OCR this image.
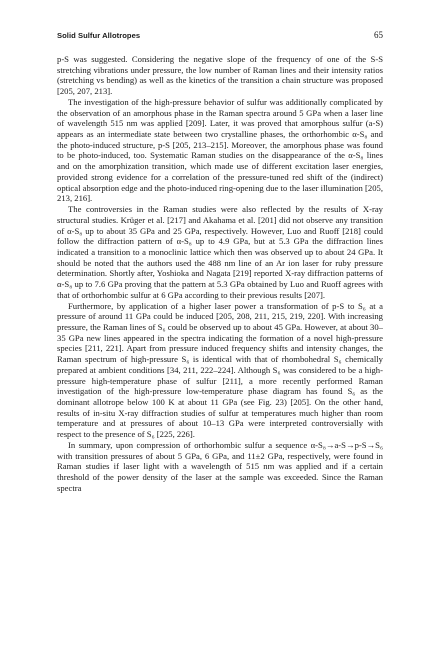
Solid Sulfur Allotropes	65

p-S was suggested. Considering the negative slope of the frequency of one of the S-S stretching vibrations under pressure, the low number of Raman lines and their intensity ratios (stretching vs bending) as well as the kinetics of the transition a chain structure was proposed [205, 207, 213].

The investigation of the high-pressure behavior of sulfur was additionally complicated by the observation of an amorphous phase in the Raman spectra around 5 GPa when a laser line of wavelength 515 nm was applied [209]. Later, it was proved that amorphous sulfur (a-S) appears as an intermediate state between two crystalline phases, the orthorhombic α-S₈ and the photo-induced structure, p-S [205, 213–215]. Moreover, the amorphous phase was found to be photo-induced, too. Systematic Raman studies on the disappearance of the α-S₈ lines and on the amorphization transition, which made use of different excitation laser energies, provided strong evidence for a correlation of the pressure-tuned red shift of the (indirect) optical absorption edge and the photo-induced ring-opening due to the laser illumination [205, 213, 216].

The controversies in the Raman studies were also reflected by the results of X-ray structural studies. Krüger et al. [217] and Akahama et al. [201] did not observe any transition of α-S₈ up to about 35 GPa and 25 GPa, respectively. However, Luo and Ruoff [218] could follow the diffraction pattern of α-S₈ up to 4.9 GPa, but at 5.3 GPa the diffraction lines indicated a transition to a monoclinic lattice which then was observed up to about 24 GPa. It should be noted that the authors used the 488 nm line of an Ar ion laser for ruby pressure determination. Shortly after, Yoshioka and Nagata [219] reported X-ray diffraction patterns of α-S₈ up to 7.6 GPa proving that the pattern at 5.3 GPa obtained by Luo and Ruoff agrees with that of orthorhombic sulfur at 6 GPa according to their previous results [207].

Furthermore, by application of a higher laser power a transformation of p-S to S₆ at a pressure of around 11 GPa could be induced [205, 208, 211, 215, 219, 220]. With increasing pressure, the Raman lines of S₆ could be observed up to about 45 GPa. However, at about 30–35 GPa new lines appeared in the spectra indicating the formation of a novel high-pressure species [211, 221]. Apart from pressure induced frequency shifts and intensity changes, the Raman spectrum of high-pressure S₆ is identical with that of rhombohedral S₆ chemically prepared at ambient conditions [34, 211, 222–224]. Although S₆ was considered to be a high-pressure high-temperature phase of sulfur [211], a more recently performed Raman investigation of the high-pressure low-temperature phase diagram has found S₆ as the dominant allotrope below 100 K at about 11 GPa (see Fig. 23) [205]. On the other hand, results of in-situ X-ray diffraction studies of sulfur at temperatures much higher than room temperature and at pressures of about 10–13 GPa were interpreted controversially with respect to the presence of S₆ [225, 226].

In summary, upon compression of orthorhombic sulfur a sequence α-S₈→a-S→p-S→S₆ with transition pressures of about 5 GPa, 6 GPa, and 11±2 GPa, respectively, were found in Raman studies if laser light with a wavelength of 515 nm was applied and if a certain threshold of the power density of the laser at the sample was exceeded. Since the Raman spectra
